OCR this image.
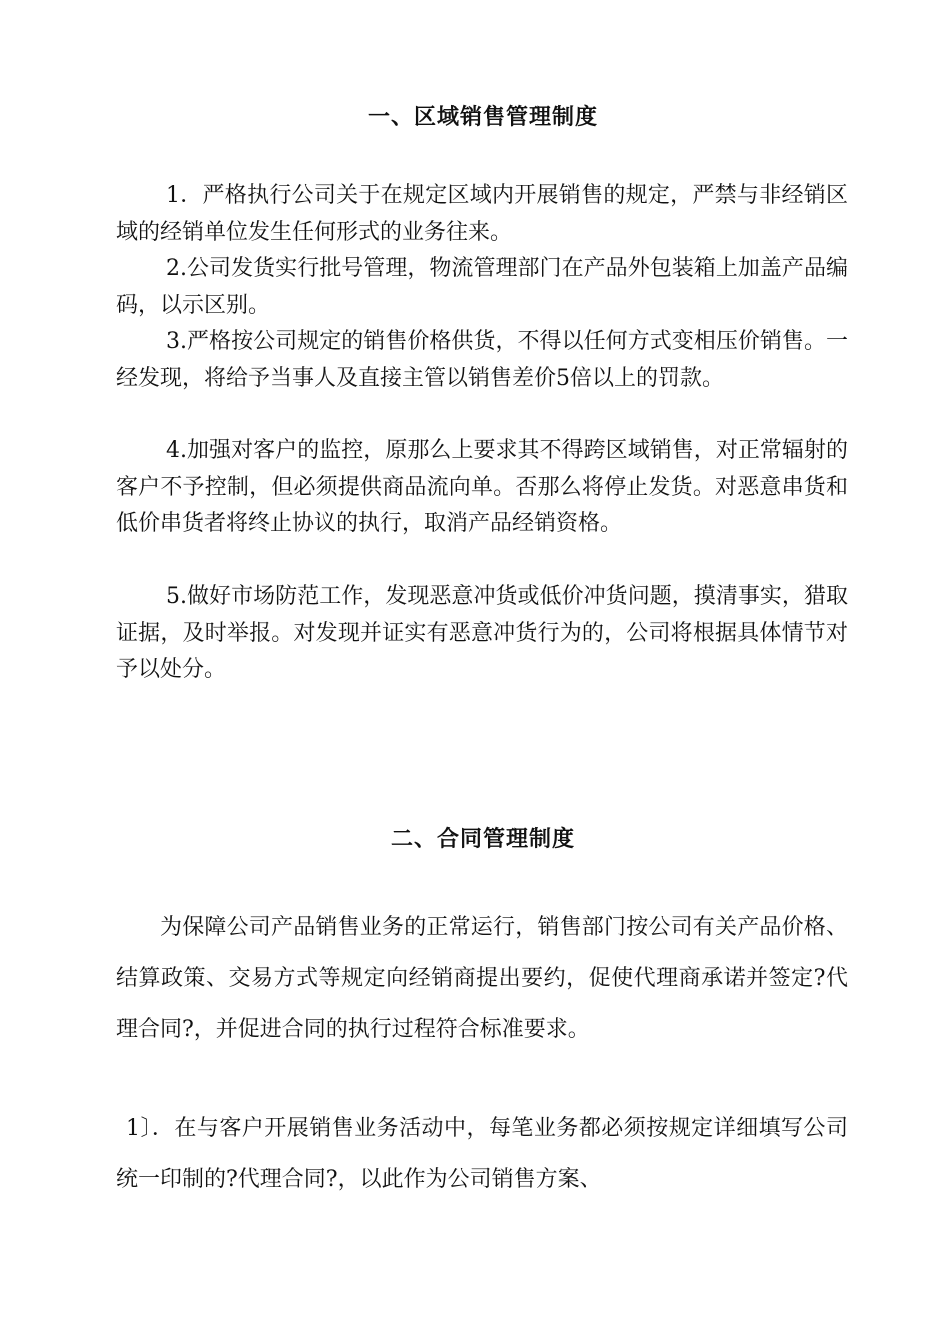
一、区域销售管理制度

1．严格执行公司关于在规定区域内开展销售的规定，严禁与非经销区域的经销单位发生任何形式的业务往来。

2.公司发货实行批号管理，物流管理部门在产品外包装箱上加盖产品编码，以示区别。

3.严格按公司规定的销售价格供货，不得以任何方式变相压价销售。一经发现，将给予当事人及直接主管以销售差价5倍以上的罚款。

4.加强对客户的监控，原那么上要求其不得跨区域销售，对正常辐射的客户不予控制，但必须提供商品流向单。否那么将停止发货。对恶意串货和低价串货者将终止协议的执行，取消产品经销资格。

5.做好市场防范工作，发现恶意冲货或低价冲货问题，摸清事实，猎取证据，及时举报。对发现并证实有恶意冲货行为的，公司将根据具体情节对予以处分。

二、合同管理制度

为保障公司产品销售业务的正常运行，销售部门按公司有关产品价格、结算政策、交易方式等规定向经销商提出要约，促使代理商承诺并签定?代理合同?，并促进合同的执行过程符合标准要求。

1〕．在与客户开展销售业务活动中，每笔业务都必须按规定详细填写公司统一印制的?代理合同?，以此作为公司销售方案、
